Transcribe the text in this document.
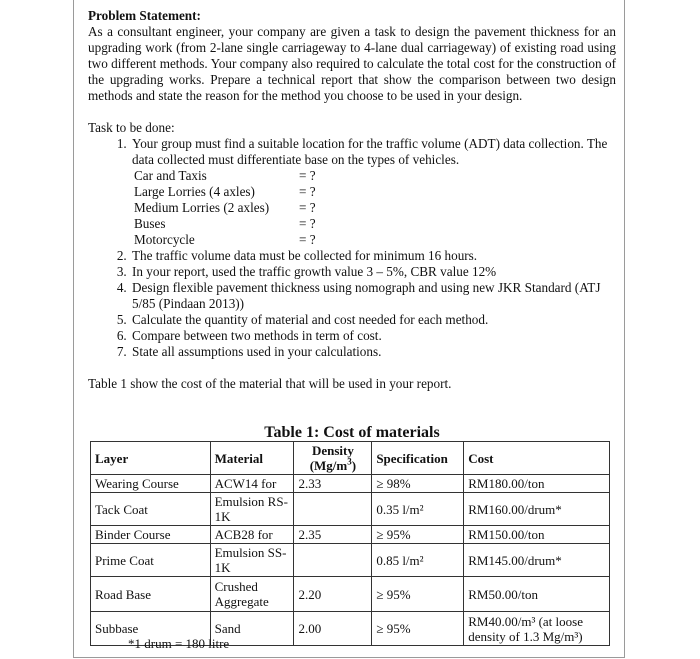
Problem Statement:
As a consultant engineer, your company are given a task to design the pavement thickness for an upgrading work (from 2-lane single carriageway to 4-lane dual carriageway) of existing road using two different methods. Your company also required to calculate the total cost for the construction of the upgrading works. Prepare a technical report that show the comparison between two design methods and state the reason for the method you choose to be used in your design.
Task to be done:
1. Your group must find a suitable location for the traffic volume (ADT) data collection. The data collected must differentiate base on the types of vehicles.
Car and Taxis	= ?
Large Lorries (4 axles)	= ?
Medium Lorries (2 axles)	= ?
Buses	= ?
Motorcycle	= ?
2. The traffic volume data must be collected for minimum 16 hours.
3. In your report, used the traffic growth value 3 – 5%, CBR value 12%
4. Design flexible pavement thickness using nomograph and using new JKR Standard (ATJ 5/85 (Pindaan 2013))
5. Calculate the quantity of material and cost needed for each method.
6. Compare between two methods in term of cost.
7. State all assumptions used in your calculations.
Table 1 show the cost of the material that will be used in your report.
Table 1: Cost of materials
Layer	Material	Density $(Mg/m^3)$	Specification	Cost
Wearing Course	ACW14 for	2.33	≥ 98%	RM180.00/ton
Tack Coat	Emulsion RS-1K		0.35 l/m²	RM160.00/drum*
Binder Course	ACB28 for	2.35	≥ 95%	RM150.00/ton
Prime Coat	Emulsion SS-1K		0.85 l/m²	RM145.00/drum*
Road Base	Crushed Aggregate	2.20	≥ 95%	RM50.00/ton
Subbase	Sand	2.00	≥ 95%	RM40.00/m³ (at loose density of 1.3 Mg/m³)
*1 drum = 180 litre
